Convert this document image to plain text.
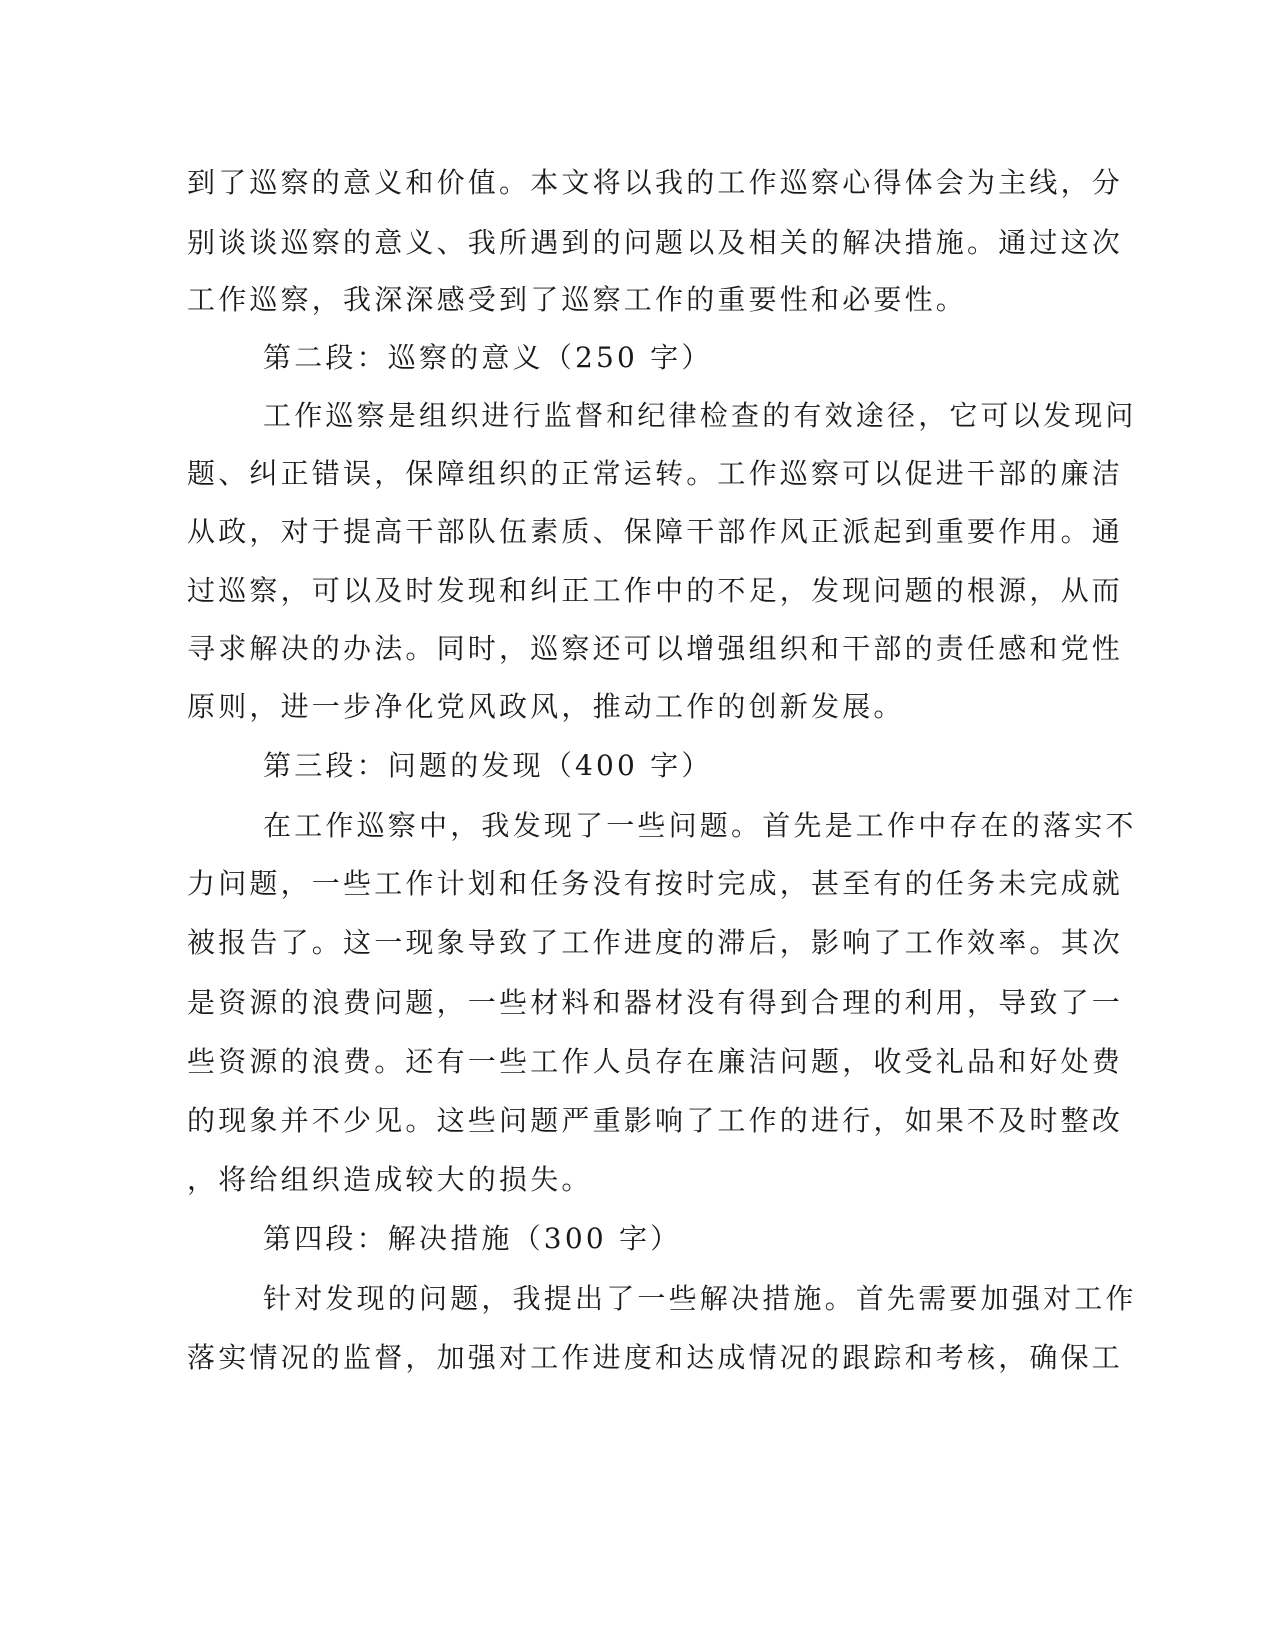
到了巡察的意义和价值。本文将以我的工作巡察心得体会为主线，分

别谈谈巡察的意义、我所遇到的问题以及相关的解决措施。通过这次

工作巡察，我深深感受到了巡察工作的重要性和必要性。

第二段：巡察的意义（250 字）

工作巡察是组织进行监督和纪律检查的有效途径，它可以发现问

题、纠正错误，保障组织的正常运转。工作巡察可以促进干部的廉洁

从政，对于提高干部队伍素质、保障干部作风正派起到重要作用。通

过巡察，可以及时发现和纠正工作中的不足，发现问题的根源，从而

寻求解决的办法。同时，巡察还可以增强组织和干部的责任感和党性

原则，进一步净化党风政风，推动工作的创新发展。

第三段：问题的发现（400 字）

在工作巡察中，我发现了一些问题。首先是工作中存在的落实不

力问题，一些工作计划和任务没有按时完成，甚至有的任务未完成就

被报告了。这一现象导致了工作进度的滞后，影响了工作效率。其次

是资源的浪费问题，一些材料和器材没有得到合理的利用，导致了一

些资源的浪费。还有一些工作人员存在廉洁问题，收受礼品和好处费

的现象并不少见。这些问题严重影响了工作的进行，如果不及时整改

，将给组织造成较大的损失。

第四段：解决措施（300 字）

针对发现的问题，我提出了一些解决措施。首先需要加强对工作

落实情况的监督，加强对工作进度和达成情况的跟踪和考核，确保工
